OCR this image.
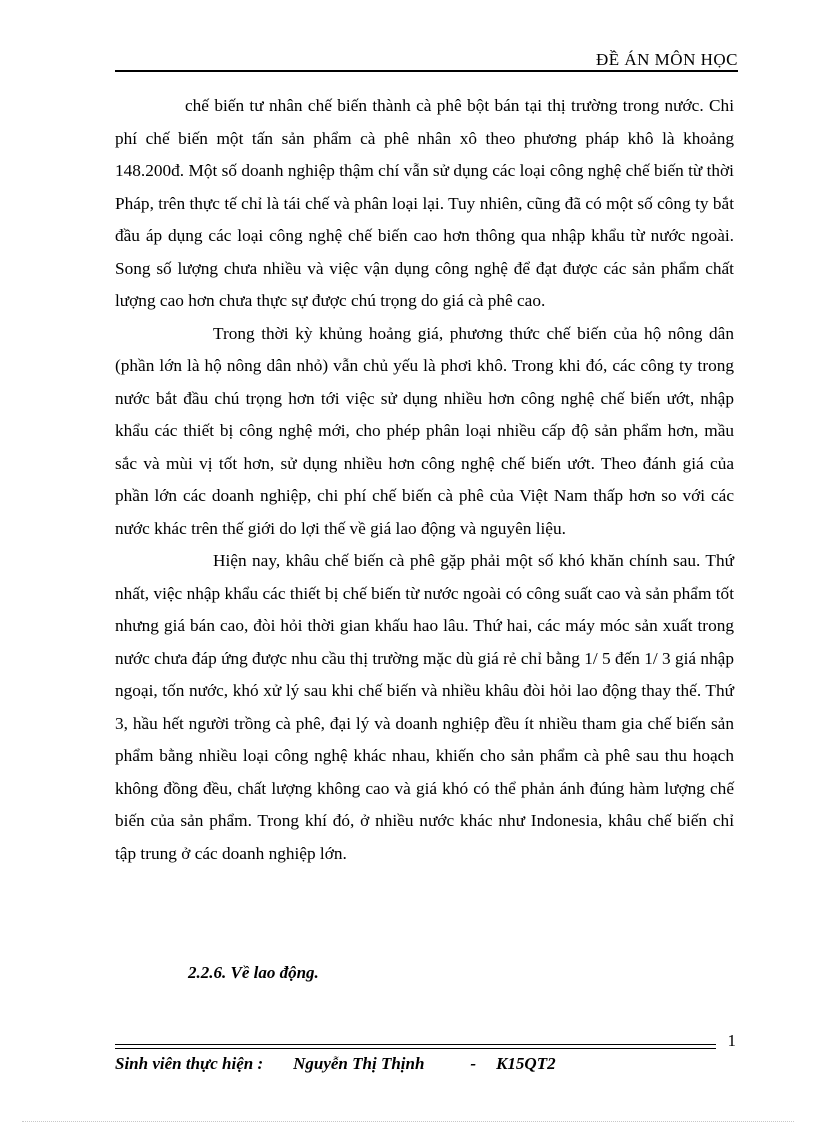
ĐỀ ÁN MÔN HỌC

chế biến tư nhân chế biến thành cà phê bột bán tại thị trường trong nước. Chi phí chế biến một tấn sản phẩm cà phê nhân xô theo phương pháp khô là khoảng 148.200đ. Một số doanh nghiệp thậm chí vẫn sử dụng các loại công nghệ chế biến từ thời Pháp, trên thực tế chỉ là tái chế và phân loại lại. Tuy nhiên, cũng đã có một số công ty bắt đầu áp dụng các loại công nghệ chế biến cao hơn thông qua nhập khẩu từ nước ngoài. Song số lượng chưa nhiều và việc vận dụng công nghệ để đạt được các sản phẩm chất lượng cao hơn chưa thực sự được chú trọng do giá cà phê cao.

Trong thời kỳ khủng hoảng giá, phương thức chế biến của hộ nông dân (phần lớn là hộ nông dân nhỏ) vẫn chủ yếu là phơi khô. Trong khi đó, các công ty trong nước bắt đầu chú trọng hơn tới việc sử dụng nhiều hơn công nghệ chế biến ướt, nhập khẩu các thiết bị công nghệ mới, cho phép phân loại nhiều cấp độ sản phẩm hơn, mầu sắc và mùi vị tốt hơn, sử dụng nhiều hơn công nghệ chế biến ướt. Theo đánh giá của phần lớn các doanh nghiệp, chi phí chế biến cà phê của Việt Nam thấp hơn so với các nước khác trên thế giới do lợi thế về giá lao động và nguyên liệu.

Hiện nay, khâu chế biến cà phê gặp phải một số khó khăn chính sau. Thứ nhất, việc nhập khẩu các thiết bị chế biến từ nước ngoài có công suất cao và sản phẩm tốt nhưng giá bán cao, đòi hỏi thời gian khấu hao lâu. Thứ hai, các máy móc sản xuất trong nước chưa đáp ứng được nhu cầu thị trường mặc dù giá rẻ chỉ bằng 1/ 5 đến 1/ 3 giá nhập ngoại, tốn nước, khó xử lý sau khi chế biến và nhiều khâu đòi hỏi lao động thay thế. Thứ 3, hầu hết người trồng cà phê, đại lý và doanh nghiệp đều ít nhiều tham gia chế biến sản phẩm bằng nhiều loại công nghệ khác nhau, khiến cho sản phẩm cà phê sau thu hoạch không đồng đều, chất lượng không cao và giá khó có thể phản ánh đúng hàm lượng chế biến của sản phẩm. Trong khí đó, ở nhiều nước khác như Indonesia, khâu chế biến chỉ tập trung ở các doanh nghiệp lớn.

2.2.6. Về lao động.
1
Sinh viên thực hiện : Nguyễn Thị Thịnh	- K15QT2
